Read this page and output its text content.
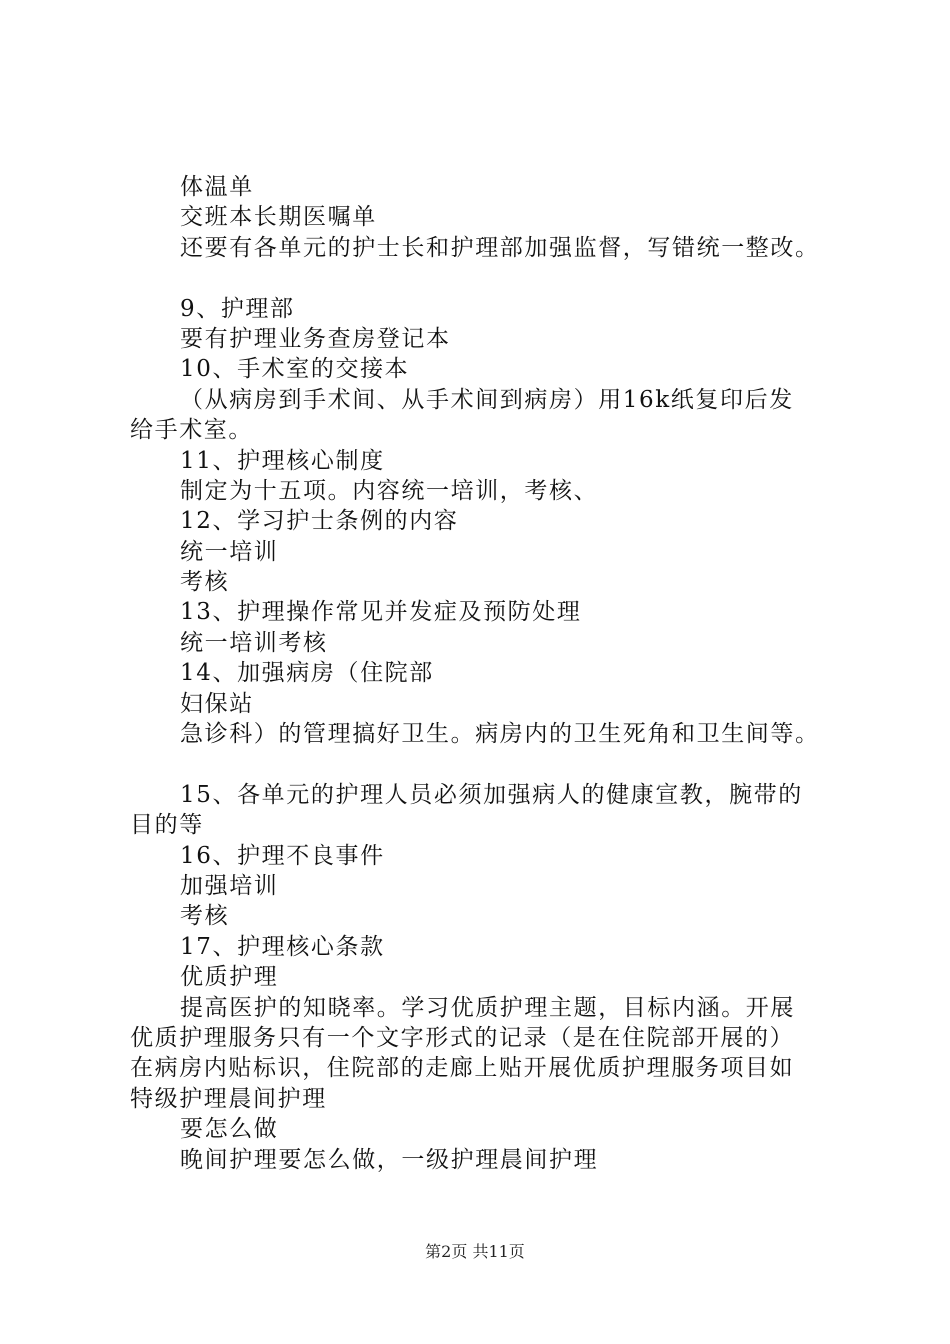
体温单
交班本长期医嘱单
还要有各单元的护士长和护理部加强监督，写错统一整改。
9、护理部
要有护理业务查房登记本
10、手术室的交接本
（从病房到手术间、从手术间到病房）用16k纸复印后发
给手术室。
11、护理核心制度
制定为十五项。内容统一培训，考核、
12、学习护士条例的内容
统一培训
考核
13、护理操作常见并发症及预防处理
统一培训考核
14、加强病房（住院部
妇保站
急诊科）的管理搞好卫生。病房内的卫生死角和卫生间等。
15、各单元的护理人员必须加强病人的健康宣教，腕带的
目的等
16、护理不良事件
加强培训
考核
17、护理核心条款
优质护理
提高医护的知晓率。学习优质护理主题，目标内涵。开展
优质护理服务只有一个文字形式的记录（是在住院部开展的）
在病房内贴标识，住院部的走廊上贴开展优质护理服务项目如
特级护理晨间护理
要怎么做
晚间护理要怎么做，一级护理晨间护理
第2页 共11页
